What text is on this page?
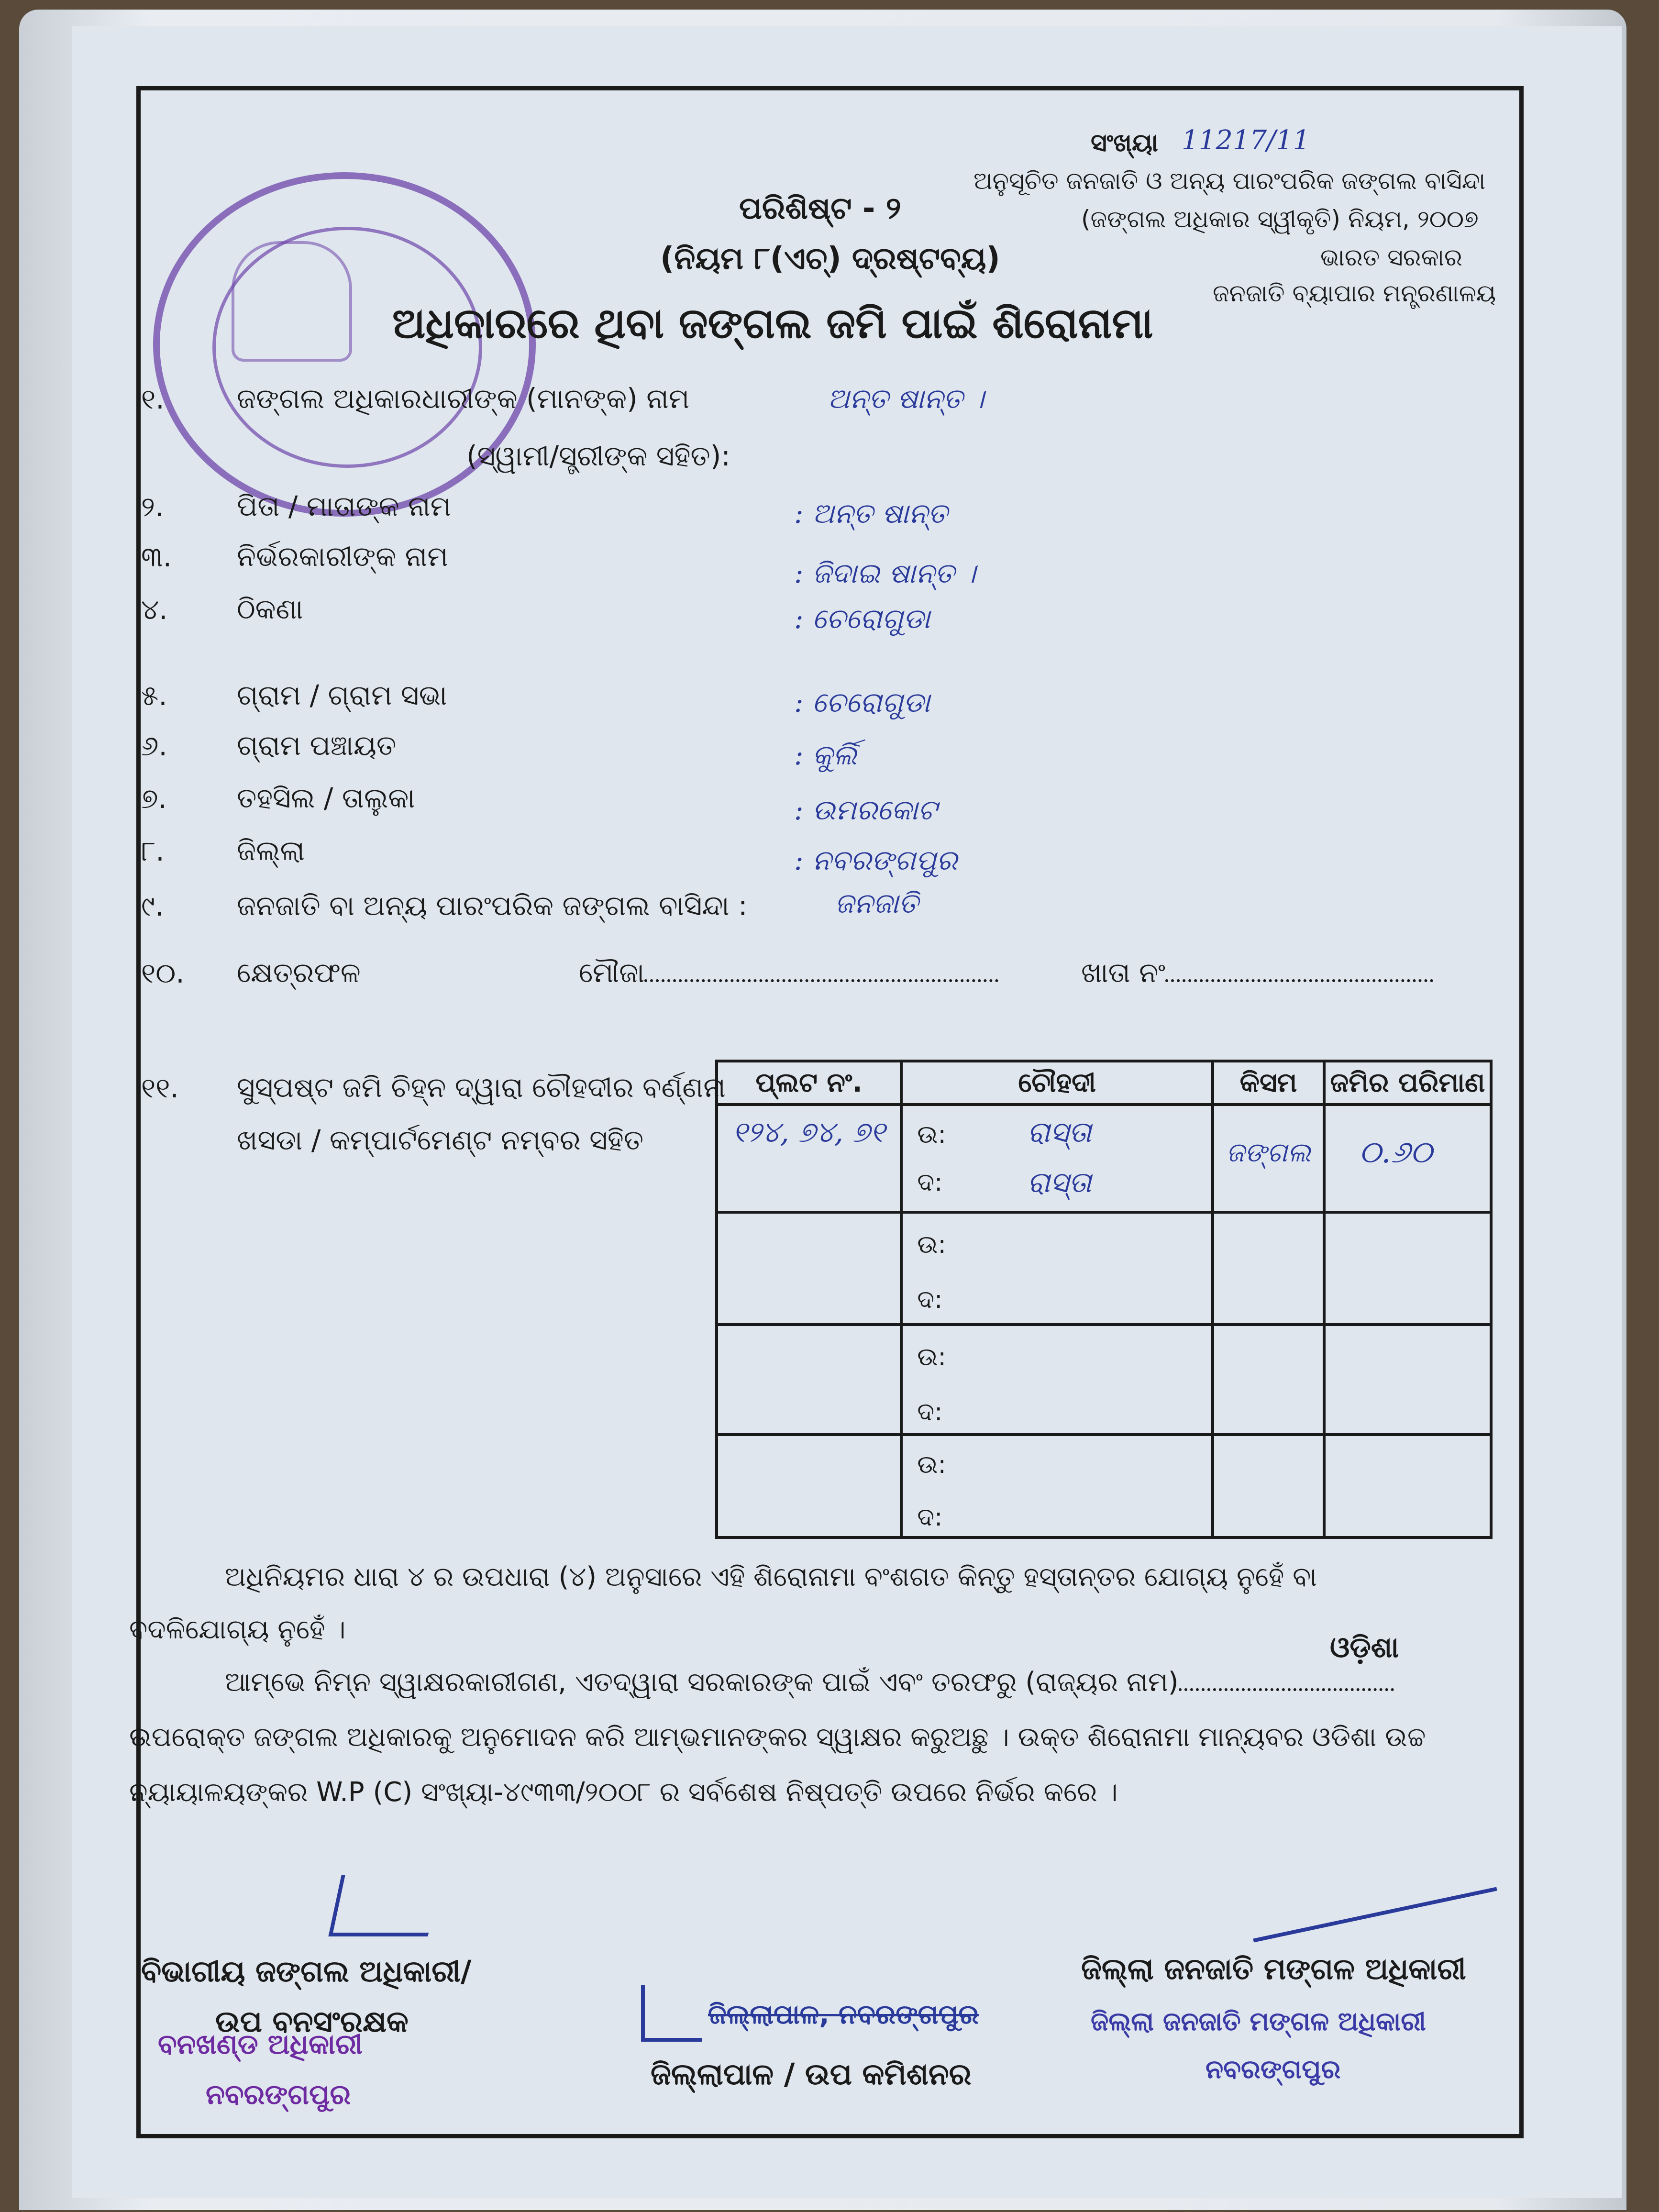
ସଂଖ୍ୟା 11217/11
ଅନୁସୂଚିତ ଜନଜାତି ଓ ଅନ୍ୟ ପାରଂପରିକ ଜଙ୍ଗଲ ବାସିନ୍ଦା
(ଜଙ୍ଗଲ ଅଧିକାର ସ୍ୱୀକୃତି) ନିୟମ, ୨୦୦୭
ଭାରତ ସରକାର
ଜନଜାତି ବ୍ୟାପାର ମନ୍ତ୍ରଣାଳୟ
ପରିଶିଷ୍ଟ - ୨
(ନିୟମ ୮(ଏଚ୍) ଦ୍ରଷ୍ଟବ୍ୟ)
ଅଧିକାରରେ ଥିବା ଜଙ୍ଗଲ ଜମି ପାଇଁ ଶିରୋନାମା
୧.	ଜଙ୍ଗଲ ଅଧିକାରଧାରୀଙ୍କ (ମାନଙ୍କ) ନାମ
(ସ୍ୱାମୀ/ସ୍ତ୍ରୀଙ୍କ ସହିତ):
ଅନ୍ତ ଷାନ୍ତ ।
୨.	ପିତା / ମାତାଙ୍କ ନାମ	: ଅନ୍ତ ଷାନ୍ତ
୩. ନିର୍ଭରକାରୀଙ୍କ ନାମ
: ଜିଦାଇ ଷାନ୍ତ ।
୪. ଠିକଣା	: ଚେରୋଗୁଡା
୫.	ଗ୍ରାମ / ଗ୍ରାମ ସଭା	: ଚେରୋଗୁଡା
୬.	ଗ୍ରାମ ପଞ୍ଚାୟତ	: କୁର୍ଲି
୭.	ତହସିଲ / ତାଲୁକା	: ଉମରକୋଟ
୮.	ଜିଲ୍ଲା	: ନବରଙ୍ଗପୁର
୯.	ଜନଜାତି ବା ଅନ୍ୟ ପାରଂପରିକ ଜଙ୍ଗଲ ବାସିନ୍ଦା :	ଜନଜାତି
୧୦. କ୍ଷେତ୍ରଫଳ	ମୌଜା	ଖାତା ନଂ
୧୧. ସୁସ୍ପଷ୍ଟ ଜମି ଚିହ୍ନ ଦ୍ୱାରା ଚୌହଦୀର ବର୍ଣ୍ଣନା
ଖସଡା / କମ୍ପାର୍ଟମେଣ୍ଟ ନମ୍ବର ସହିତ
ପ୍ଲଟ ନଂ.	ଚୌହଦୀ	କିସମ	ଜମିର ପରିମାଣ

୧୨୪, ୭୪, ୭୧	ଉ: ରାସ୍ତା
ଦ: ରାସ୍ତା	ଜଙ୍ଗଲ	୦.୬୦

	ଉ:
ଦ:		

	ଉ:
ଦ:		

	ଉ:
ଦ:		

ଅଧିନିୟମର ଧାରା ୪ ର ଉପଧାରା (୪) ଅନୁସାରେ ଏହି ଶିରୋନାମା ବଂଶଗତ କିନ୍ତୁ ହସ୍ତାନ୍ତର ଯୋଗ୍ୟ ନୁହେଁ ବା
ବଦଳିଯୋଗ୍ୟ ନୁହେଁ ।
ଓଡ଼ିଶା
ଆମ୍ଭେ ନିମ୍ନ ସ୍ୱାକ୍ଷରକାରୀଗଣ, ଏତଦ୍ୱାରା ସରକାରଙ୍କ ପାଇଁ ଏବଂ ତରଫରୁ (ରାଜ୍ୟର ନାମ)
ଉପରୋକ୍ତ ଜଙ୍ଗଲ ଅଧିକାରକୁ ଅନୁମୋଦନ କରି ଆମ୍ଭମାନଙ୍କର ସ୍ୱାକ୍ଷର କରୁଅଛୁ । ଉକ୍ତ ଶିରୋନାମା ମାନ୍ୟବର ଓଡିଶା ଉଚ୍ଚ
ନ୍ୟାୟାଳୟଙ୍କର W.P (C) ସଂଖ୍ୟା-୪୯୩୩/୨୦୦୮ ର ସର୍ବଶେଷ ନିଷ୍ପତ୍ତି ଉପରେ ନିର୍ଭର କରେ ।
ବିଭାଗୀୟ ଜଙ୍ଗଲ ଅଧିକାରୀ/
ଉପ ବନସଂରକ୍ଷକ
ବନଖଣ୍ଡ ଅଧିକାରୀ
ନବରଙ୍ଗପୁର
ଜିଲ୍ଲାପାଳ, ନବରଙ୍ଗପୁର
ଜିଲ୍ଲାପାଳ / ଉପ କମିଶନର
ଜିଲ୍ଲା ଜନଜାତି ମଙ୍ଗଳ ଅଧିକାରୀ
ଜିଲ୍ଲା ଜନଜାତି ମଙ୍ଗଳ ଅଧିକାରୀ
ନବରଙ୍ଗପୁର
